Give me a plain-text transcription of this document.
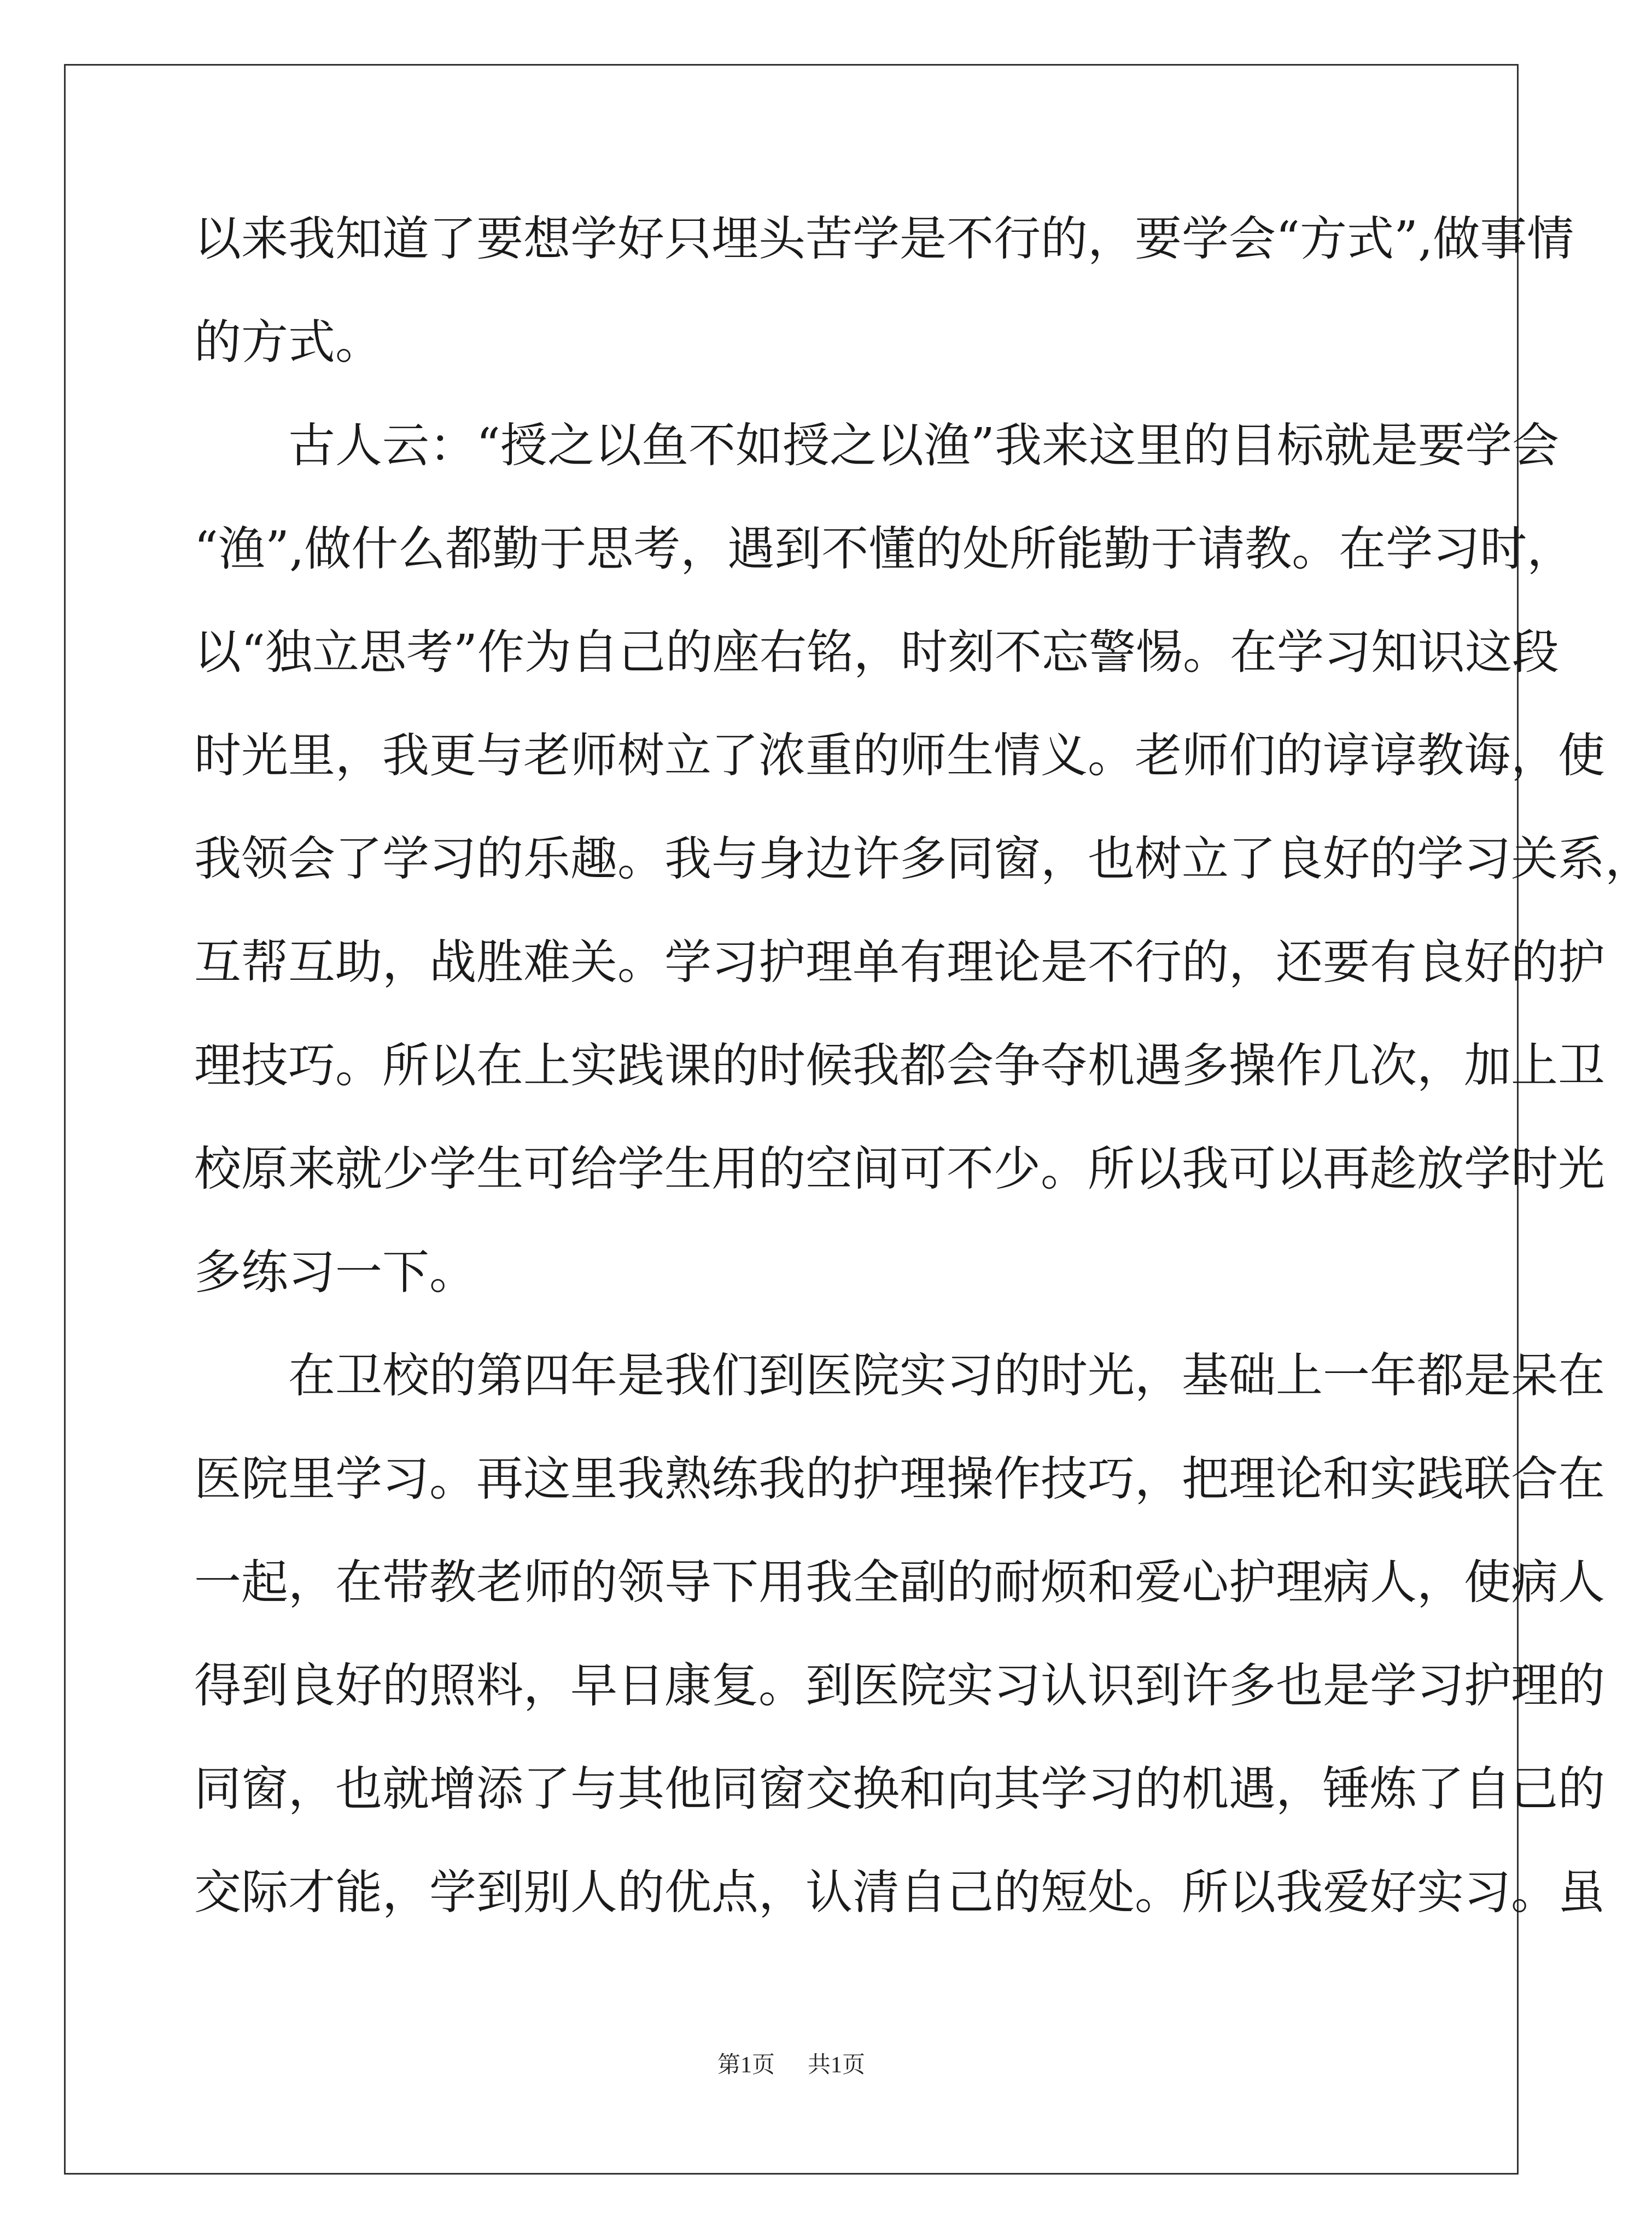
以 来 我 知 道 了 要 想 学 好 只 埋 头 苦 学 是 不 行 的 ， 要 学 会 “ 方 式 ” , 做 事 情
的方式。

古 人 云 ： “ 授 之 以 鱼 不 如 授 之 以 渔 ” 我 来 这 里 的 目 标 就 是 要 学 会
“ 渔 ” , 做 什 么 都 勤 于 思 考 ， 遇 到 不 懂 的 处 所 能 勤 于 请 教 。 在 学 习 时 ，
以 “ 独 立 思 考 ” 作 为 自 己 的 座 右 铭 ， 时 刻 不 忘 警 惕 。 在 学 习 知 识 这 段
时 光 里 ， 我 更 与 老 师 树 立 了 浓 重 的 师 生 情 义 。 老 师 们 的 谆 谆 教 诲 ， 使
我 领 会 了 学 习 的 乐 趣 。 我 与 身 边 许 多 同 窗 ， 也 树 立 了 良 好 的 学 习 关 系 ，
互 帮 互 助 ， 战 胜 难 关 。 学 习 护 理 单 有 理 论 是 不 行 的 ， 还 要 有 良 好 的 护
理 技 巧 。 所 以 在 上 实 践 课 的 时 候 我 都 会 争 夺 机 遇 多 操 作 几 次 ， 加 上 卫
校 原 来 就 少 学 生 可 给 学 生 用 的 空 间 可 不 少 。 所 以 我 可 以 再 趁 放 学 时 光
多练习一下。

在 卫 校 的 第 四 年 是 我 们 到 医 院 实 习 的 时 光 ， 基 础 上 一 年 都 是 呆 在
医 院 里 学 习 。 再 这 里 我 熟 练 我 的 护 理 操 作 技 巧 ， 把 理 论 和 实 践 联 合 在
一 起 ， 在 带 教 老 师 的 领 导 下 用 我 全 副 的 耐 烦 和 爱 心 护 理 病 人 ， 使 病 人
得 到 良 好 的 照 料 ， 早 日 康 复 。 到 医 院 实 习 认 识 到 许 多 也 是 学 习 护 理 的
同 窗 ， 也 就 增 添 了 与 其 他 同 窗 交 换 和 向 其 学 习 的 机 遇 ， 锤 炼 了 自 己 的
交 际 才 能 ， 学 到 别 人 的 优 点 ， 认 清 自 己 的 短 处 。 所 以 我 爱 好 实 习 。 虽
第1页 共1页
